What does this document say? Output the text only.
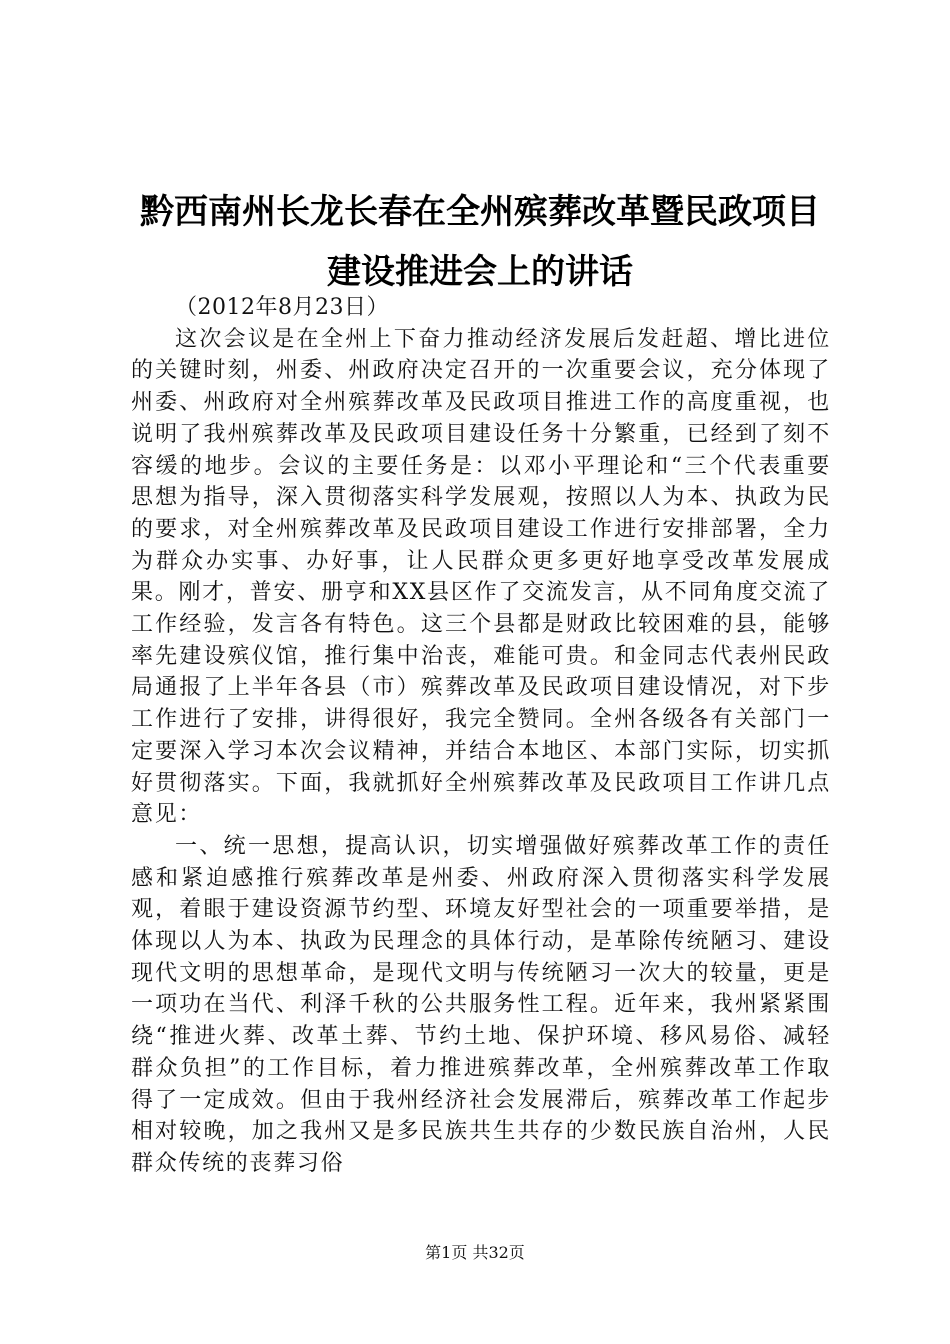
黔西南州长龙长春在全州殡葬改革暨民政项目
建设推进会上的讲话

（2012年8月23日）

这次会议是在全州上下奋力推动经济发展后发赶超、增比进位的关键时刻，州委、州政府决定召开的一次重要会议，充分体现了州委、州政府对全州殡葬改革及民政项目推进工作的高度重视，也说明了我州殡葬改革及民政项目建设任务十分繁重，已经到了刻不容缓的地步。会议的主要任务是：以邓小平理论和“三个代表重要思想为指导，深入贯彻落实科学发展观，按照以人为本、执政为民的要求，对全州殡葬改革及民政项目建设工作进行安排部署，全力为群众办实事、办好事，让人民群众更多更好地享受改革发展成果。刚才，普安、册亨和XX县区作了交流发言，从不同角度交流了工作经验，发言各有特色。这三个县都是财政比较困难的县，能够率先建设殡仪馆，推行集中治丧，难能可贵。和金同志代表州民政局通报了上半年各县（市）殡葬改革及民政项目建设情况，对下步工作进行了安排，讲得很好，我完全赞同。全州各级各有关部门一定要深入学习本次会议精神，并结合本地区、本部门实际，切实抓好贯彻落实。下面，我就抓好全州殡葬改革及民政项目工作讲几点意见：

一、统一思想，提高认识，切实增强做好殡葬改革工作的责任感和紧迫感推行殡葬改革是州委、州政府深入贯彻落实科学发展观，着眼于建设资源节约型、环境友好型社会的一项重要举措，是体现以人为本、执政为民理念的具体行动，是革除传统陋习、建设现代文明的思想革命，是现代文明与传统陋习一次大的较量，更是一项功在当代、利泽千秋的公共服务性工程。近年来，我州紧紧围绕“推进火葬、改革土葬、节约土地、保护环境、移风易俗、减轻群众负担”的工作目标，着力推进殡葬改革，全州殡葬改革工作取得了一定成效。但由于我州经济社会发展滞后，殡葬改革工作起步相对较晚，加之我州又是多民族共生共存的少数民族自治州，人民群众传统的丧葬习俗

第1页 共32页
